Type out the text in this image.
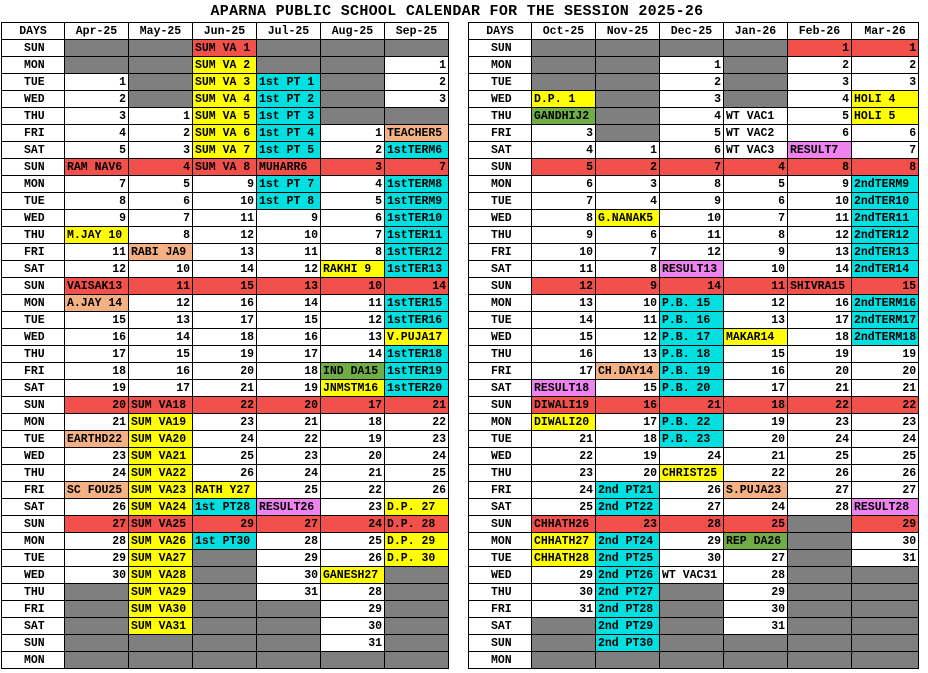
APARNA PUBLIC SCHOOL CALENDAR FOR THE SESSION 2025-26
DAYS	Apr-25	May-25	Jun-25	Jul-25	Aug-25	Sep-25
SUN			SUM VA 1			
MON			SUM VA 2			1
TUE	1		SUM VA 3	1st PT 1		2
WED	2		SUM VA 4	1st PT 2		3
THU	3	1	SUM VA 5	1st PT 3		
FRI	4	2	SUM VA 6	1st PT 4	1	TEACHER5
SAT	5	3	SUM VA 7	1st PT 5	2	1stTERM6
SUN	RAM NAV6	4	SUM VA 8	MUHARR6	3	7
MON	7	5	9	1st PT 7	4	1stTERM8
TUE	8	6	10	1st PT 8	5	1stTERM9
WED	9	7	11	9	6	1stTER10
THU	M.JAY 10	8	12	10	7	1stTER11
FRI	11	RABI JA9	13	11	8	1stTER12
SAT	12	10	14	12	RAKHI 9	1stTER13
SUN	VAISAK13	11	15	13	10	14
MON	A.JAY 14	12	16	14	11	1stTER15
TUE	15	13	17	15	12	1stTER16
WED	16	14	18	16	13	V.PUJA17
THU	17	15	19	17	14	1stTER18
FRI	18	16	20	18	IND DA15	1stTER19
SAT	19	17	21	19	JNMSTM16	1stTER20
SUN	20	SUM VA18	22	20	17	21
MON	21	SUM VA19	23	21	18	22
TUE	EARTHD22	SUM VA20	24	22	19	23
WED	23	SUM VA21	25	23	20	24
THU	24	SUM VA22	26	24	21	25
FRI	SC FOU25	SUM VA23	RATH Y27	25	22	26
SAT	26	SUM VA24	1st PT28	RESULT26	23	D.P. 27
SUN	27	SUM VA25	29	27	24	D.P. 28
MON	28	SUM VA26	1st PT30	28	25	D.P. 29
TUE	29	SUM VA27		29	26	D.P. 30
WED	30	SUM VA28		30	GANESH27	
THU		SUM VA29		31	28	
FRI		SUM VA30			29	
SAT		SUM VA31			30	
SUN					31	
MON						
DAYS	Oct-25	Nov-25	Dec-25	Jan-26	Feb-26	Mar-26
SUN					1	1
MON			1		2	2
TUE			2		3	3
WED	D.P. 1		3		4	HOLI 4
THU	GANDHIJ2		4	WT VAC1	5	HOLI 5
FRI	3		5	WT VAC2	6	6
SAT	4	1	6	WT VAC3	RESULT7	7
SUN	5	2	7	4	8	8
MON	6	3	8	5	9	2ndTERM9
TUE	7	4	9	6	10	2ndTER10
WED	8	G.NANAK5	10	7	11	2ndTER11
THU	9	6	11	8	12	2ndTER12
FRI	10	7	12	9	13	2ndTER13
SAT	11	8	RESULT13	10	14	2ndTER14
SUN	12	9	14	11	SHIVRA15	15
MON	13	10	P.B. 15	12	16	2ndTERM16
TUE	14	11	P.B. 16	13	17	2ndTERM17
WED	15	12	P.B. 17	MAKAR14	18	2ndTERM18
THU	16	13	P.B. 18	15	19	19
FRI	17	CH.DAY14	P.B. 19	16	20	20
SAT	RESULT18	15	P.B. 20	17	21	21
SUN	DIWALI19	16	21	18	22	22
MON	DIWALI20	17	P.B. 22	19	23	23
TUE	21	18	P.B. 23	20	24	24
WED	22	19	24	21	25	25
THU	23	20	CHRIST25	22	26	26
FRI	24	2nd PT21	26	S.PUJA23	27	27
SAT	25	2nd PT22	27	24	28	RESULT28
SUN	CHHATH26	23	28	25		29
MON	CHHATH27	2nd PT24	29	REP DA26		30
TUE	CHHATH28	2nd PT25	30	27		31
WED	29	2nd PT26	WT VAC31	28		
THU	30	2nd PT27		29		
FRI	31	2nd PT28		30		
SAT		2nd PT29		31		
SUN		2nd PT30				
MON						
